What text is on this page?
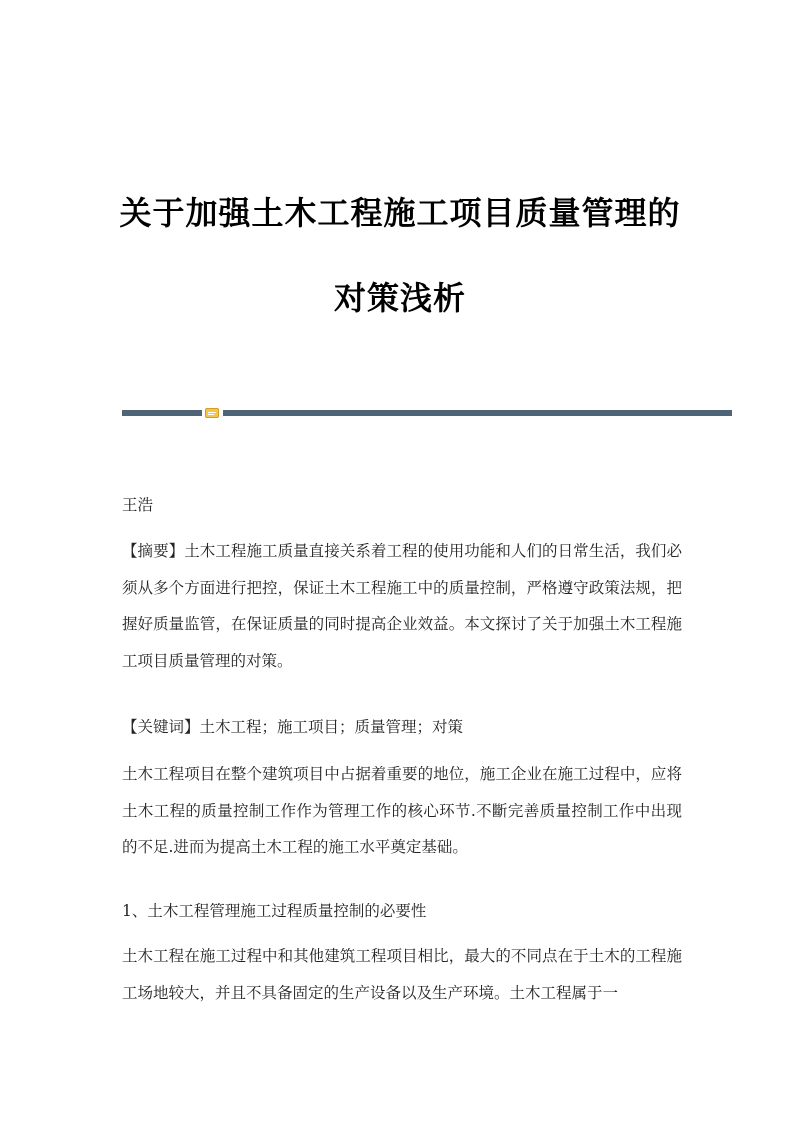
关于加强土木工程施工项目质量管理的
对策浅析

王浩

【摘要】土木工程施工质量直接关系着工程的使用功能和人们的日常生活，我们必须从多个方面进行把控，保证土木工程施工中的质量控制，严格遵守政策法规，把握好质量监管，在保证质量的同时提高企业效益。本文探讨了关于加强土木工程施工项目质量管理的对策。

【关键词】土木工程；施工项目；质量管理；对策

土木工程项目在整个建筑项目中占据着重要的地位，施工企业在施工过程中，应将土木工程的质量控制工作作为管理工作的核心环节.不斷完善质量控制工作中出现的不足.进而为提高土木工程的施工水平奠定基础。

1、土木工程管理施工过程质量控制的必要性

土木工程在施工过程中和其他建筑工程项目相比，最大的不同点在于土木的工程施工场地较大，并且不具备固定的生产设备以及生产环境。土木工程属于一
